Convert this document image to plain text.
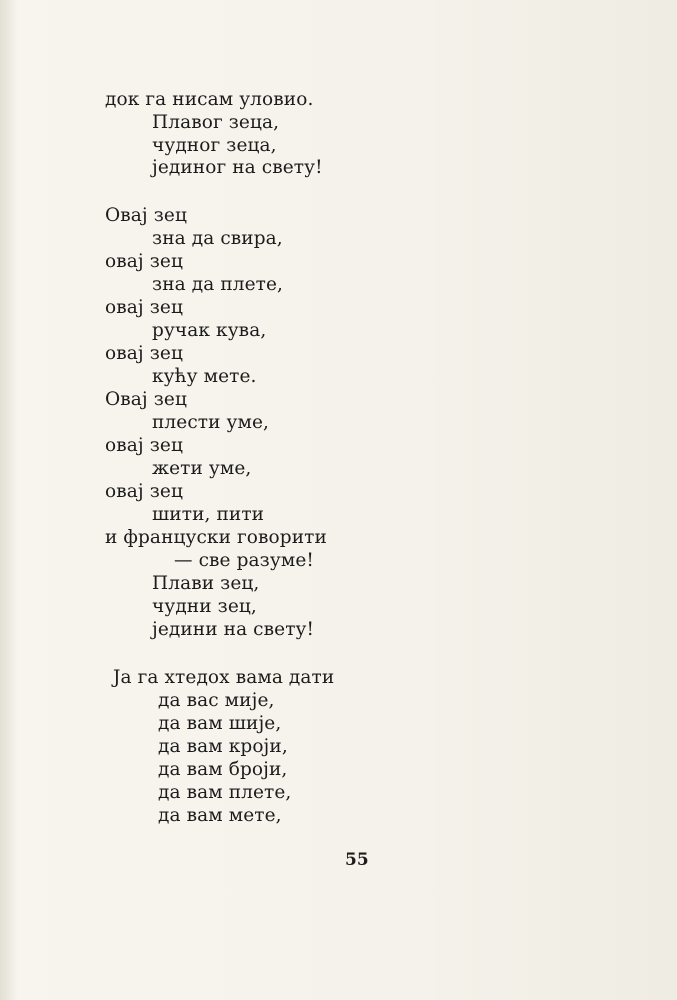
док га нисам уловио.
Плавог зеца,
чудног зеца,
јединог на свету!
Овај зец
зна да свира,
овај зец
зна да плете,
овај зец
ручак кува,
овај зец
кућу мете.
Овај зец
плести уме,
овај зец
жети уме,
овај зец
шити, пити
и француски говорити
— све разуме!
Плави зец,
чудни зец,
једини на свету!
Ја га хтедох вама дати
да вас мије,
да вам шије,
да вам кроји,
да вам броји,
да вам плете,
да вам мете,
55
